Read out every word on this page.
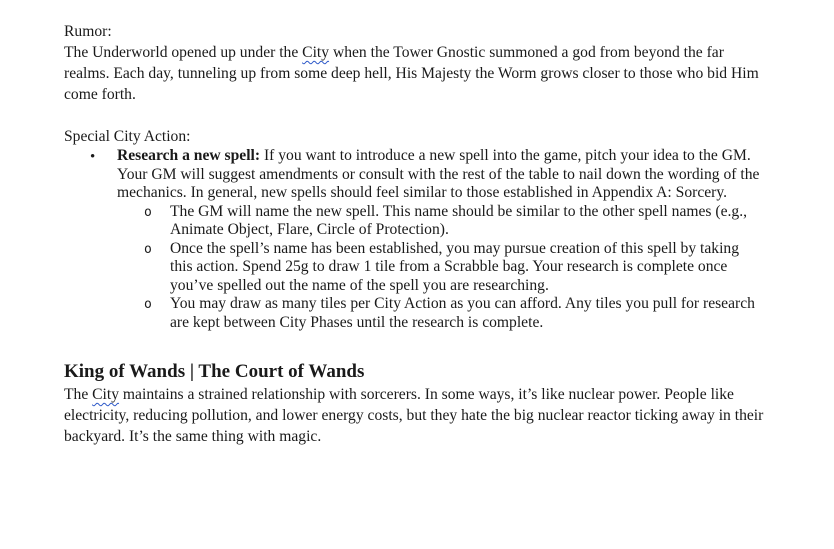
Rumor:

The Underworld opened up under the City when the Tower Gnostic summoned a god from beyond the far realms. Each day, tunneling up from some deep hell, His Majesty the Worm grows closer to those who bid Him come forth.

Special City Action:

• Research a new spell: If you want to introduce a new spell into the game, pitch your idea to the GM. Your GM will suggest amendments or consult with the rest of the table to nail down the wording of the mechanics. In general, new spells should feel similar to those established in Appendix A: Sorcery.
o The GM will name the new spell. This name should be similar to the other spell names (e.g., Animate Object, Flare, Circle of Protection).
o Once the spell’s name has been established, you may pursue creation of this spell by taking this action. Spend 25g to draw 1 tile from a Scrabble bag. Your research is complete once you’ve spelled out the name of the spell you are researching.
o You may draw as many tiles per City Action as you can afford. Any tiles you pull for research are kept between City Phases until the research is complete.

King of Wands | The Court of Wands

The City maintains a strained relationship with sorcerers. In some ways, it’s like nuclear power. People like electricity, reducing pollution, and lower energy costs, but they hate the big nuclear reactor ticking away in their backyard. It’s the same thing with magic.
